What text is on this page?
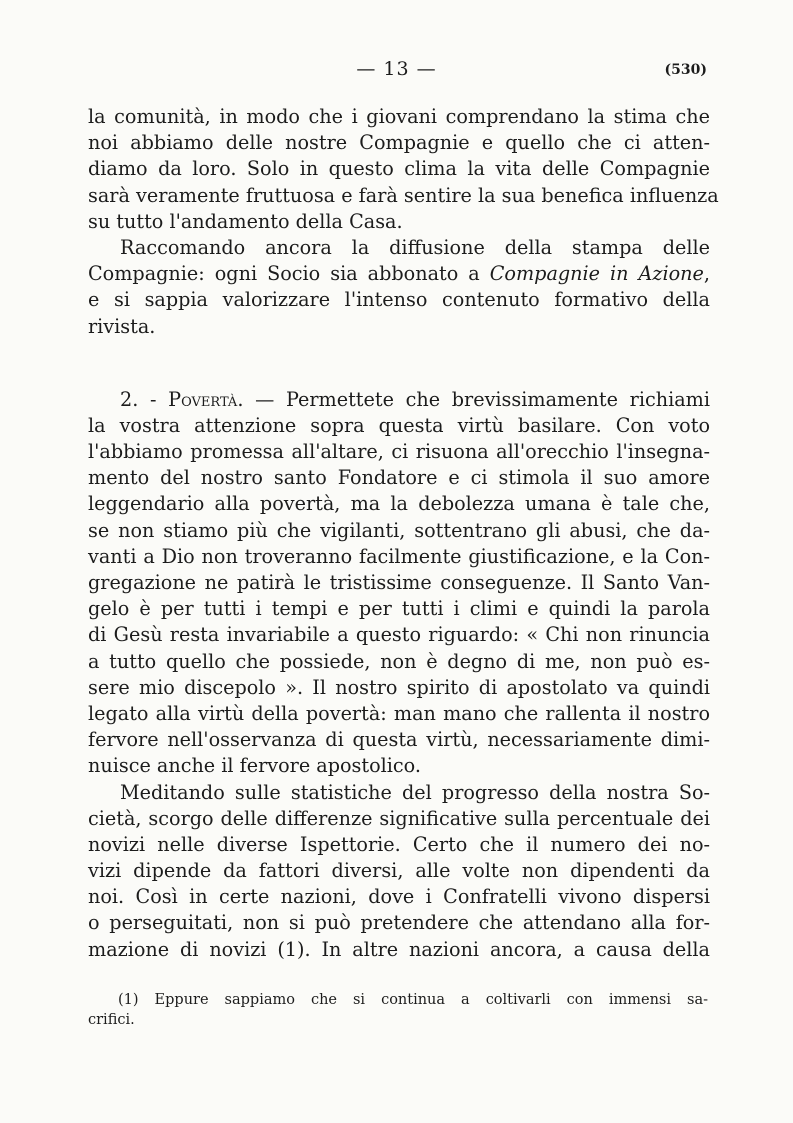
— 13 —	(530)
la comunità, in modo che i giovani comprendano la stima che
noi abbiamo delle nostre Compagnie e quello che ci atten-
diamo da loro. Solo in questo clima la vita delle Compagnie
sarà veramente fruttuosa e farà sentire la sua benefica influenza
su tutto l'andamento della Casa.
Raccomando ancora la diffusione della stampa delle
Compagnie: ogni Socio sia abbonato a Compagnie in Azione,
e si sappia valorizzare l'intenso contenuto formativo della
rivista.
2. - Povertà. — Permettete che brevissimamente richiami
la vostra attenzione sopra questa virtù basilare. Con voto
l'abbiamo promessa all'altare, ci risuona all'orecchio l'insegna-
mento del nostro santo Fondatore e ci stimola il suo amore
leggendario alla povertà, ma la debolezza umana è tale che,
se non stiamo più che vigilanti, sottentrano gli abusi, che da-
vanti a Dio non troveranno facilmente giustificazione, e la Con-
gregazione ne patirà le tristissime conseguenze. Il Santo Van-
gelo è per tutti i tempi e per tutti i climi e quindi la parola
di Gesù resta invariabile a questo riguardo: « Chi non rinuncia
a tutto quello che possiede, non è degno di me, non può es-
sere mio discepolo ». Il nostro spirito di apostolato va quindi
legato alla virtù della povertà: man mano che rallenta il nostro
fervore nell'osservanza di questa virtù, necessariamente dimi-
nuisce anche il fervore apostolico.
Meditando sulle statistiche del progresso della nostra So-
cietà, scorgo delle differenze significative sulla percentuale dei
novizi nelle diverse Ispettorie. Certo che il numero dei no-
vizi dipende da fattori diversi, alle volte non dipendenti da
noi. Così in certe nazioni, dove i Confratelli vivono dispersi
o perseguitati, non si può pretendere che attendano alla for-
mazione di novizi (1). In altre nazioni ancora, a causa della
(1) Eppure sappiamo che si continua a coltivarli con immensi sa-
crifici.
